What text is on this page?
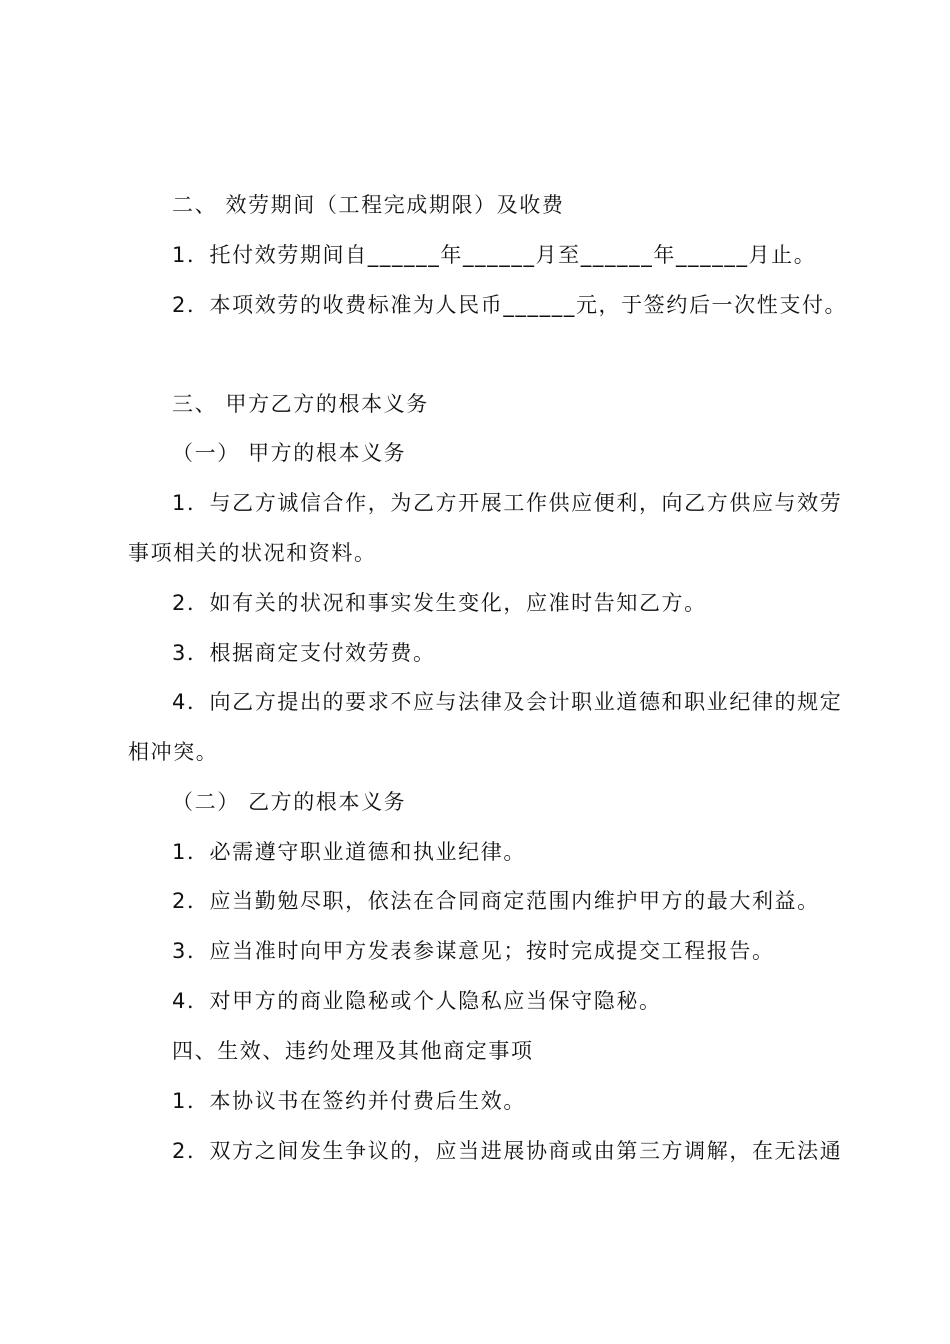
二、 效劳期间（工程完成期限）及收费
1．托付效劳期间自______年______月至______年______月止。
2．本项效劳的收费标准为人民币______元，于签约后一次性支付。
三、 甲方乙方的根本义务
（一） 甲方的根本义务
1．与乙方诚信合作，为乙方开展工作供应便利，向乙方供应与效劳
事项相关的状况和资料。
2．如有关的状况和事实发生变化，应准时告知乙方。
3．根据商定支付效劳费。
4．向乙方提出的要求不应与法律及会计职业道德和职业纪律的规定
相冲突。
（二） 乙方的根本义务
1．必需遵守职业道德和执业纪律。
2．应当勤勉尽职，依法在合同商定范围内维护甲方的最大利益。
3．应当准时向甲方发表参谋意见；按时完成提交工程报告。
4．对甲方的商业隐秘或个人隐私应当保守隐秘。
四、生效、违约处理及其他商定事项
1．本协议书在签约并付费后生效。
2．双方之间发生争议的，应当进展协商或由第三方调解，在无法通
